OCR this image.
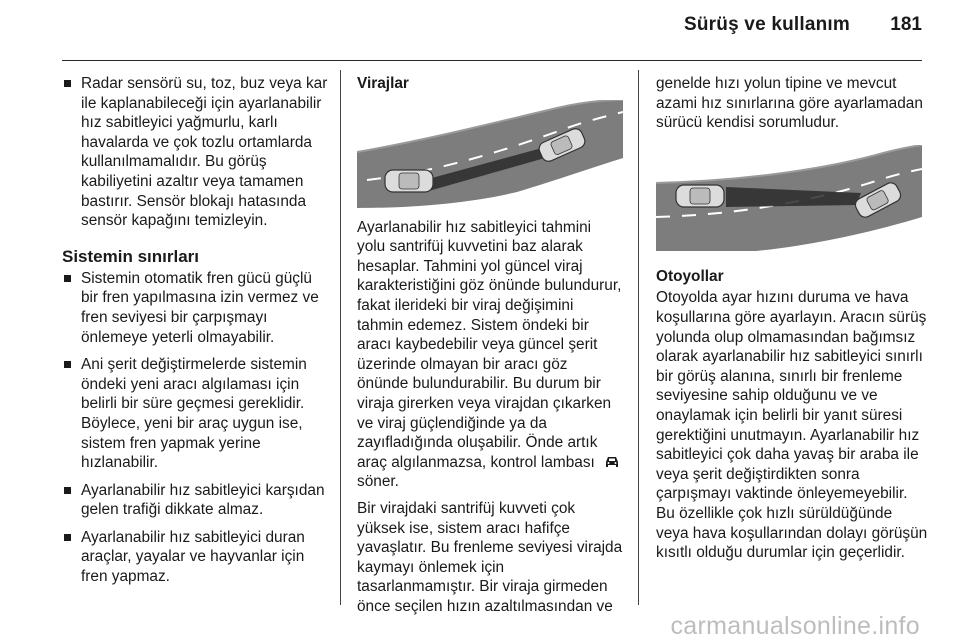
Sürüş ve kullanım 181
Radar sensörü su, toz, buz veya kar ile kaplanabileceği için ayarlanabilir hız sabitleyici yağmurlu, karlı havalarda ve çok tozlu ortamlarda kullanılmamalıdır. Bu görüş kabiliyetini azaltır veya tamamen bastırır. Sensör blokajı hatasında sensör kapağını temizleyin.
Sistemin sınırları
Sistemin otomatik fren gücü güçlü bir fren yapılmasına izin vermez ve fren seviyesi bir çarpışmayı önlemeye yeterli olmayabilir.
Ani şerit değiştirmelerde sistemin öndeki yeni aracı algılaması için belirli bir süre geçmesi gereklidir. Böylece, yeni bir araç uygun ise, sistem fren yapmak yerine hızlanabilir.
Ayarlanabilir hız sabitleyici karşıdan gelen trafiği dikkate almaz.
Ayarlanabilir hız sabitleyici duran araçlar, yayalar ve hayvanlar için fren yapmaz.
Virajlar

Ayarlanabilir hız sabitleyici tahmini yolu santrifüj kuvvetini baz alarak hesaplar. Tahmini yol güncel viraj karakteristiğini göz önünde bulundurur, fakat ilerideki bir viraj değişimini tahmin edemez. Sistem öndeki bir aracı kaybedebilir veya güncel şerit üzerinde olmayan bir aracı göz önünde bulundurabilir. Bu durum bir viraja girerken veya virajdan çıkarken ve viraj güçlendiğinde ya da zayıfladığında oluşabilir. Önde artık araç algılanmazsa, kontrol lambası
söner.

Bir virajdaki santrifüj kuvveti çok yüksek ise, sistem aracı hafifçe yavaşlatır. Bu frenleme seviyesi virajda kaymayı önlemek için tasarlanmamıştır. Bir viraja girmeden önce seçilen hızın azaltılmasından ve

genelde hızı yolun tipine ve mevcut azami hız sınırlarına göre ayarlamadan sürücü kendisi sorumludur.

Otoyollar

Otoyolda ayar hızını duruma ve hava koşullarına göre ayarlayın. Aracın sürüş yolunda olup olmamasından bağımsız olarak ayarlanabilir hız sabitleyici sınırlı bir görüş alanına, sınırlı bir frenleme seviyesine sahip olduğunu ve ve onaylamak için belirli bir yanıt süresi gerektiğini unutmayın. Ayarlanabilir hız sabitleyici çok daha yavaş bir araba ile veya şerit değiştirdikten sonra çarpışmayı vaktinde önleyemeyebilir. Bu özellikle çok hızlı sürüldüğünde veya hava koşullarından dolayı görüşün kısıtlı olduğu durumlar için geçerlidir.

carmanualsonline.info
